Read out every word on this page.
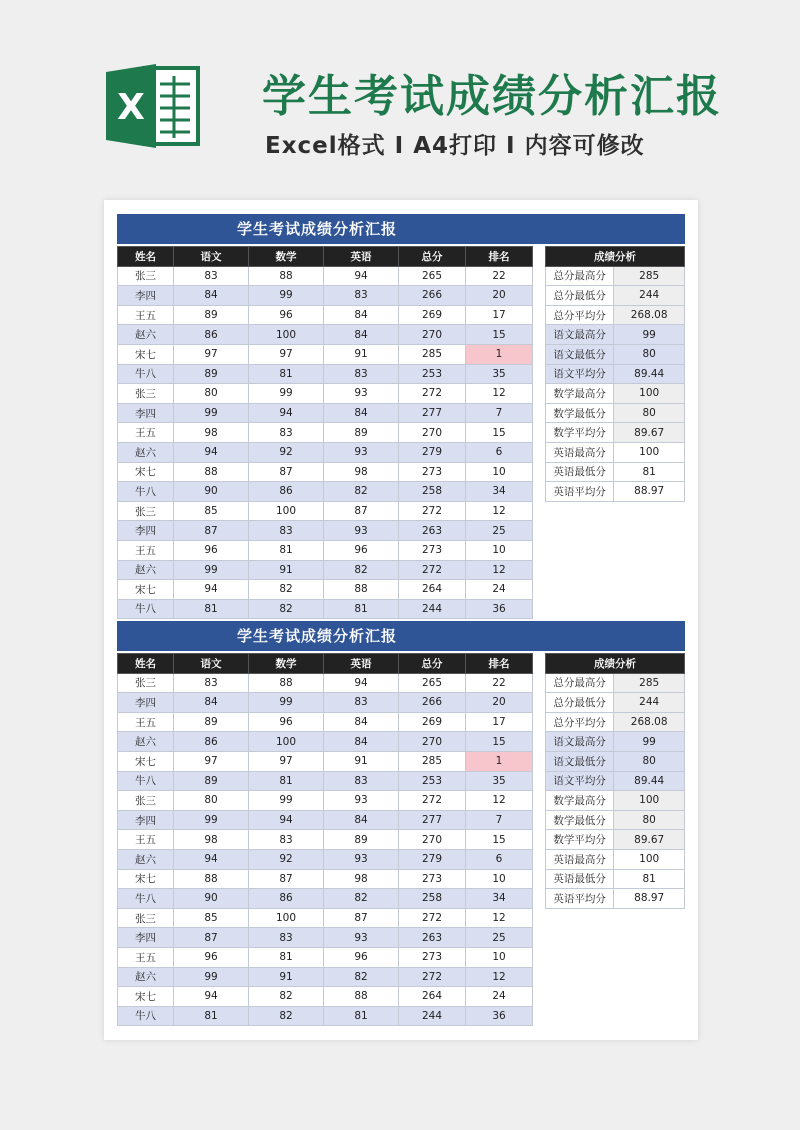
X	学生考试成绩分析汇报
Excel格式 Ⅰ A4打印 Ⅰ 内容可修改
学生考试成绩分析汇报
姓名	语文	数学	英语	总分	排名
张三	83	88	94	265	22
李四	84	99	83	266	20
王五	89	96	84	269	17
赵六	86	100	84	270	15
宋七	97	97	91	285	1
牛八	89	81	83	253	35
张三	80	99	93	272	12
李四	99	94	84	277	7
王五	98	83	89	270	15
赵六	94	92	93	279	6
宋七	88	87	98	273	10
牛八	90	86	82	258	34
张三	85	100	87	272	12
李四	87	83	93	263	25
王五	96	81	96	273	10
赵六	99	91	82	272	12
宋七	94	82	88	264	24
牛八	81	82	81	244	36
成绩分析	
总分最高分	285
总分最低分	244
总分平均分	268.08
语文最高分	99
语文最低分	80
语文平均分	89.44
数学最高分	100
数学最低分	80
数学平均分	89.67
英语最高分	100
英语最低分	81
英语平均分	88.97
学生考试成绩分析汇报
姓名	语文	数学	英语	总分	排名
张三	83	88	94	265	22
李四	84	99	83	266	20
王五	89	96	84	269	17
赵六	86	100	84	270	15
宋七	97	97	91	285	1
牛八	89	81	83	253	35
张三	80	99	93	272	12
李四	99	94	84	277	7
王五	98	83	89	270	15
赵六	94	92	93	279	6
宋七	88	87	98	273	10
牛八	90	86	82	258	34
张三	85	100	87	272	12
李四	87	83	93	263	25
王五	96	81	96	273	10
赵六	99	91	82	272	12
宋七	94	82	88	264	24
牛八	81	82	81	244	36
成绩分析	
总分最高分	285
总分最低分	244
总分平均分	268.08
语文最高分	99
语文最低分	80
语文平均分	89.44
数学最高分	100
数学最低分	80
数学平均分	89.67
英语最高分	100
英语最低分	81
英语平均分	88.97
